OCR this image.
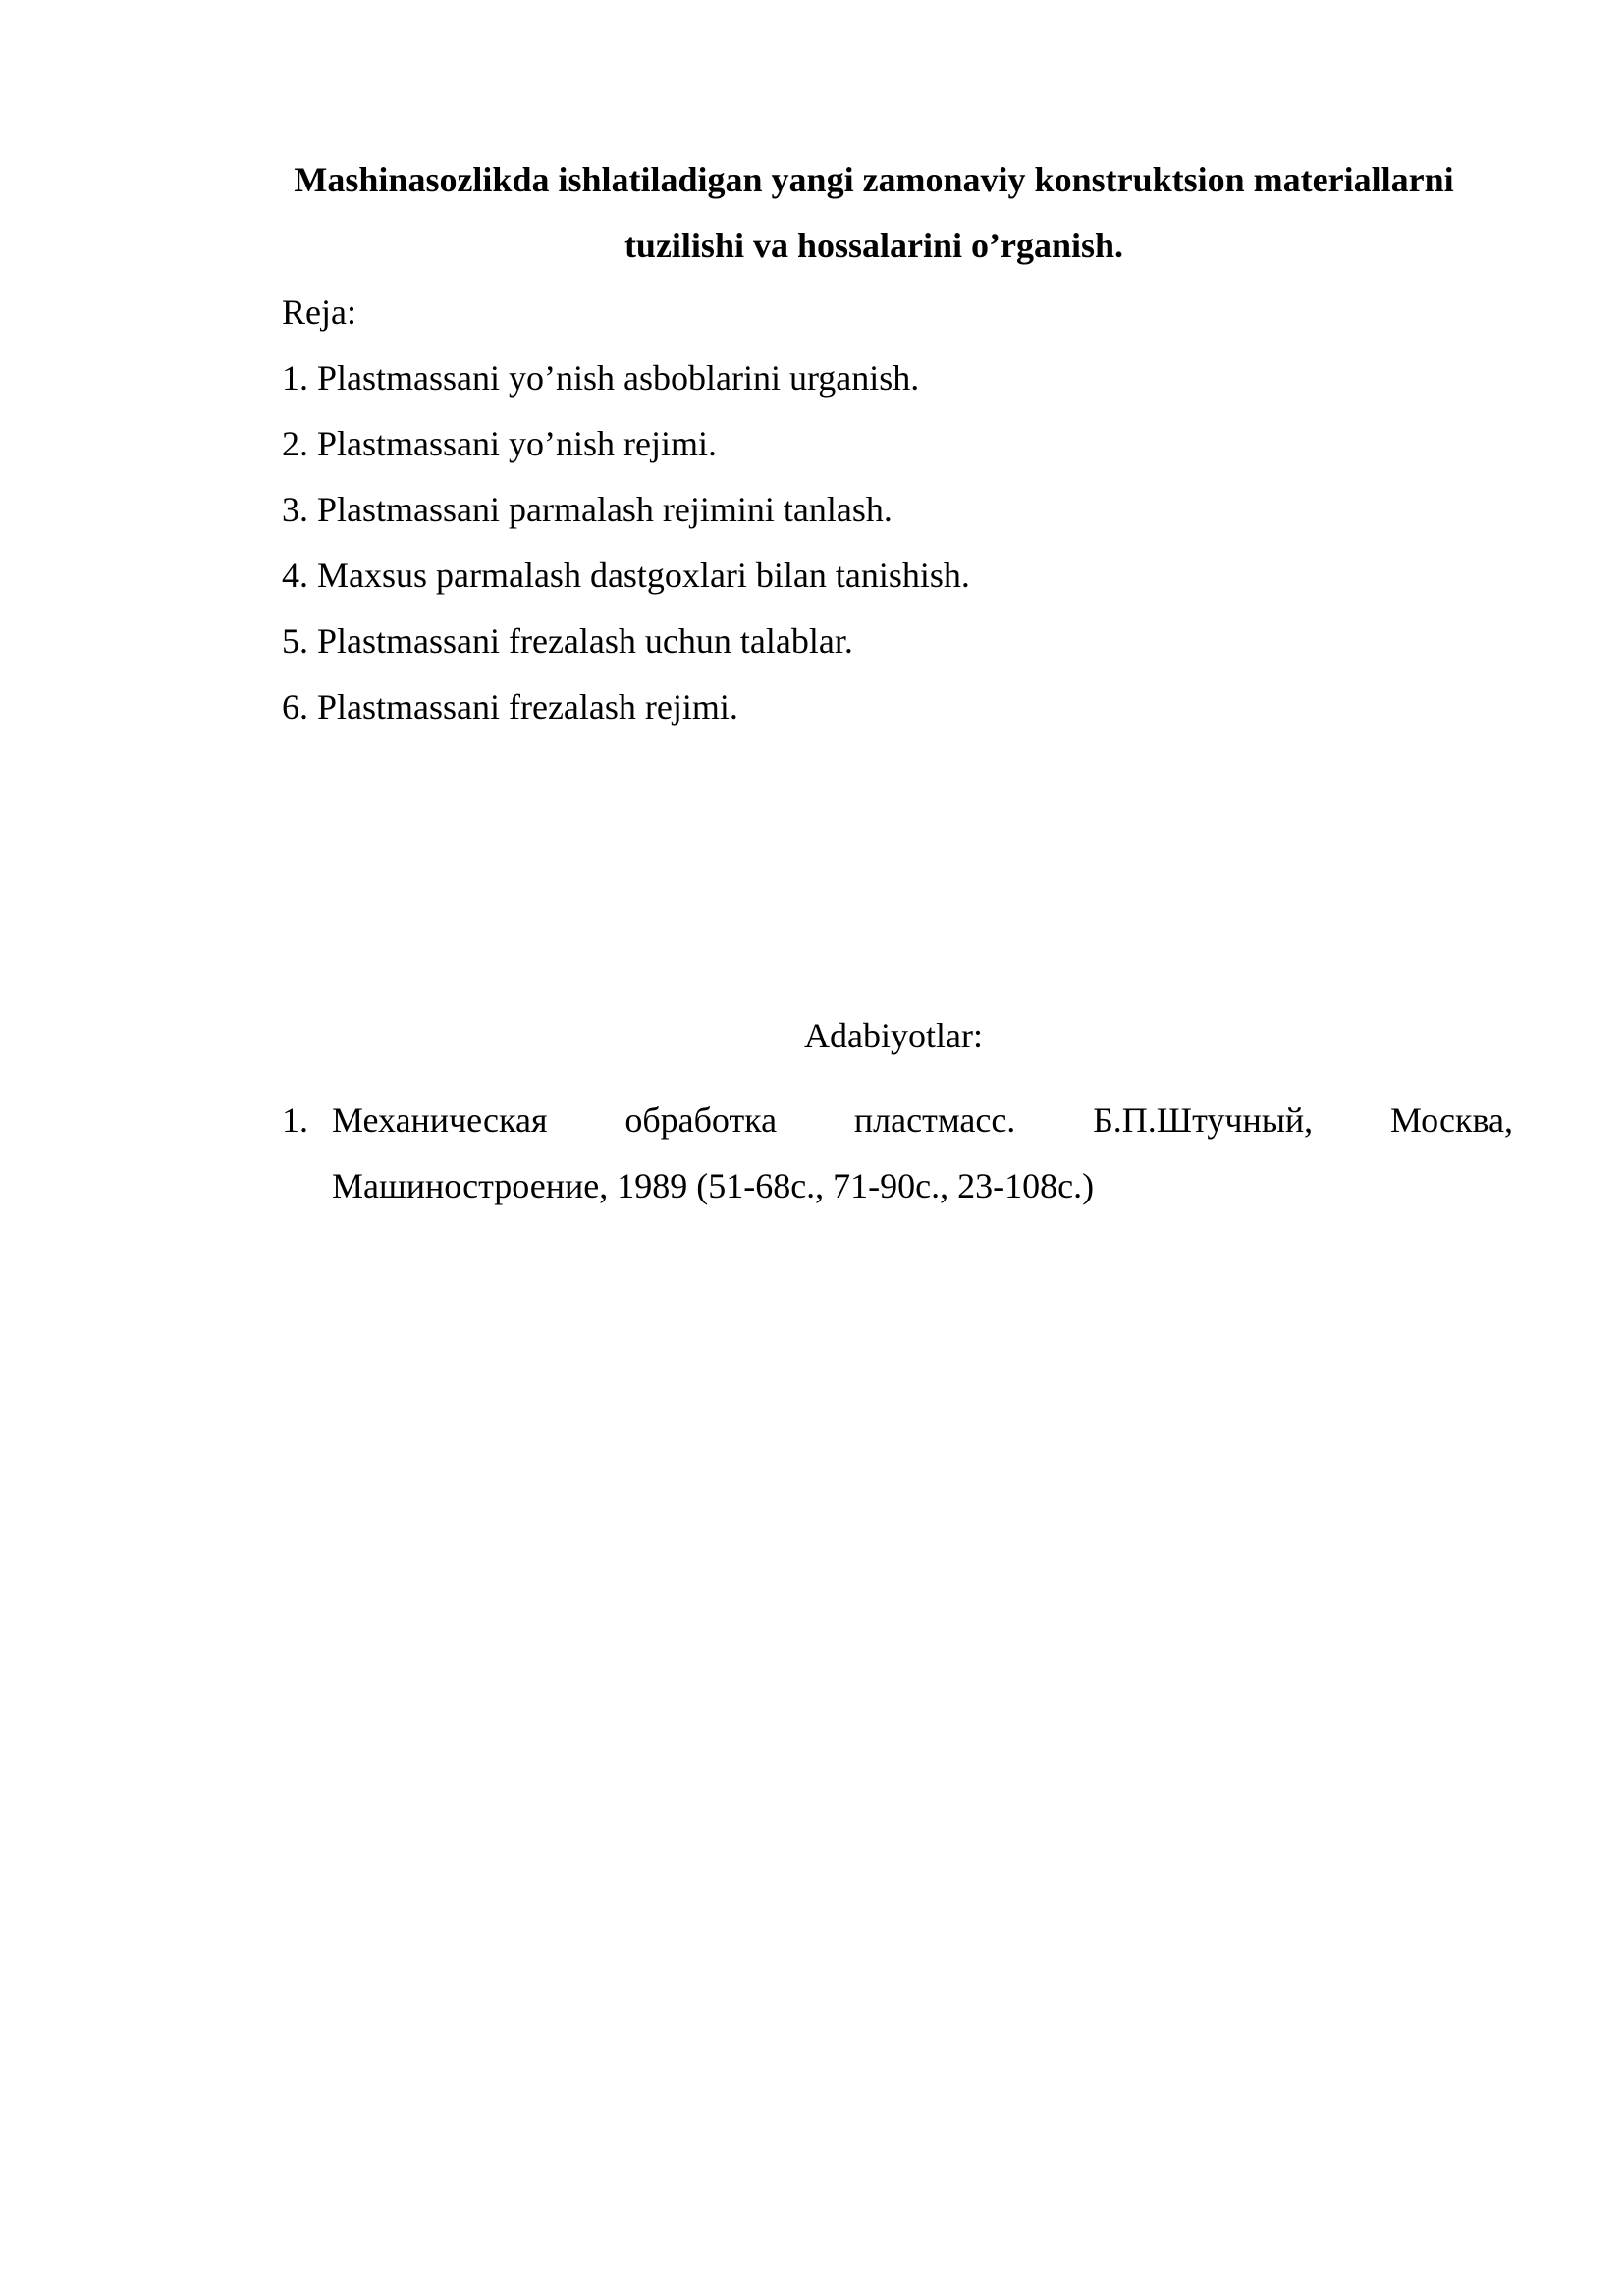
Mashinasozlikda ishlatiladigan yangi zamonaviy konstruktsion materiallarni
tuzilishi va hossalarini o’rganish.
Reja:
1. Plastmassani yo’nish asboblarini urganish.
2. Plastmassani yo’nish rejimi.
3. Plastmassani parmalash rejimini tanlash.
4. Maxsus parmalash dastgoxlari bilan tanishish.
5. Plastmassani frezalash uchun talablar.
6. Plastmassani frezalash rejimi.
Adabiyotlar:
1. Механическая обработка пластмасс. Б.П.Штучный, Москва,
Машиностроение, 1989 (51-68с., 71-90с., 23-108с.)
